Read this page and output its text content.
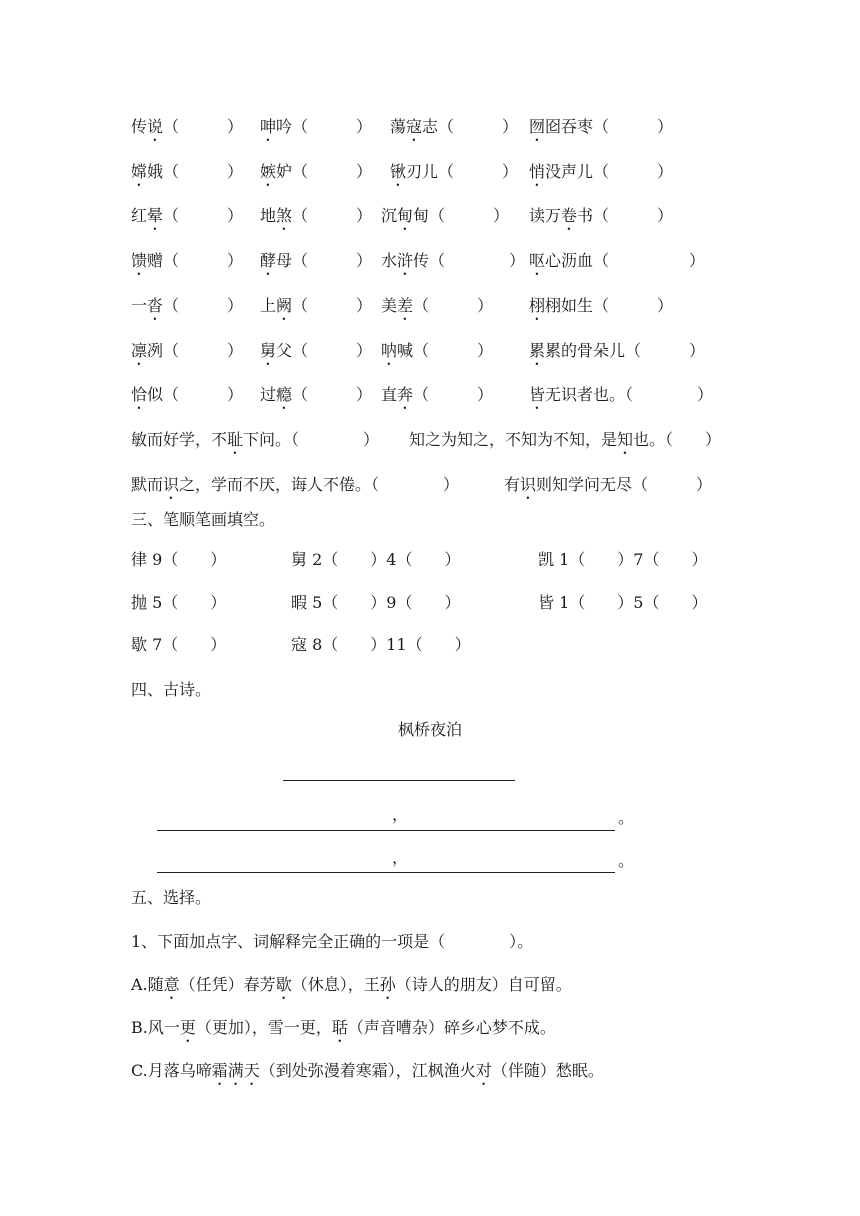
传说（　　　） 呻吟（　　　） 蕩寇志（　　　） 囫囵吞枣（　　　）
嫦娥（　　　） 嫉妒（　　　） 锹刃儿（　　　） 悄没声儿（　　　）
红晕（　　　） 地煞（　　　） 沉甸甸（　　　） 读万卷书（　　　）
馈赠（　　　） 酵母（　　　） 水浒传（　　　　） 呕心沥血（　　　　　）
一沓（　　　） 上阙（　　　） 美差（　　　） 栩栩如生（　　　）
凛冽（　　　） 舅父（　　　） 呐喊（　　　） 累累的骨朵儿（　　　）
恰似（　　　） 过瘾（　　　） 直奔（　　　） 皆无识者也。（　　　　）
敏而好学，不耻下问。（　　　　） 知之为知之，不知为不知，是知也。（　　）
默而识之，学而不厌，诲人不倦。（　　　　）	有识则知学问无尽（　　　）
三、笔顺笔画填空。
律 9（　　）	舅 2（　　）4（　　）	凯 1（　　）7（　　）
抛 5（　　）	暇 5（　　）9（　　）	皆 1（　　）5（　　）
歇 7（　　）	寇 8（　　）11（　　）
四、古诗。
枫桥夜泊
，	。
，	。
五、选择。
1、下面加点字、词解释完全正确的一项是（　　　　）。
A.随意（任凭）春芳歇（休息），王孙（诗人的朋友）自可留。
B.风一更（更加），雪一更，聒（声音嘈杂）碎乡心梦不成。
C.月落乌啼霜满天（到处弥漫着寒霜），江枫渔火对（伴随）愁眠。
